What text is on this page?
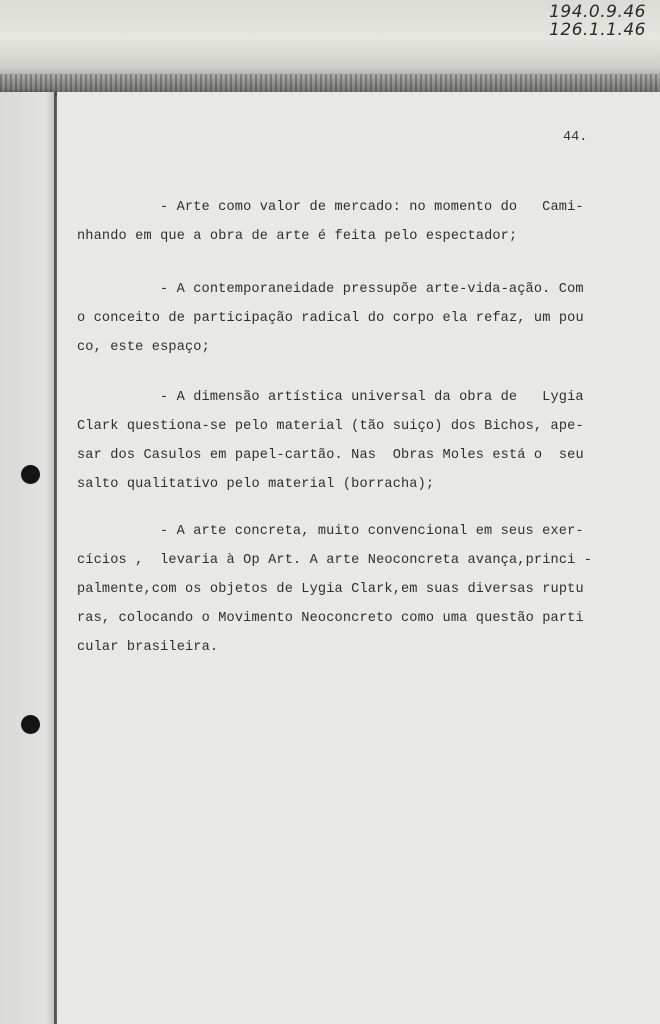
194.0.9.46
126.1.1.46
44.

- Arte como valor de mercado: no momento do   Cami-
nhando em que a obra de arte é feita pelo espectador;

- A contemporaneidade pressupõe arte-vida-ação. Com
o conceito de participação radical do corpo ela refaz, um pou
co, este espaço;

- A dimensão artística universal da obra de   Lygia
Clark questiona-se pelo material (tão suiço) dos Bichos, ape-
sar dos Casulos em papel-cartão. Nas  Obras Moles está o  seu
salto qualitativo pelo material (borracha);

- A arte concreta, muito convencional em seus exer-
cícios ,  levaria à Op Art. A arte Neoconcreta avança,princi -
palmente,com os objetos de Lygia Clark,em suas diversas ruptu
ras, colocando o Movimento Neoconcreto como uma questão parti
cular brasileira.
